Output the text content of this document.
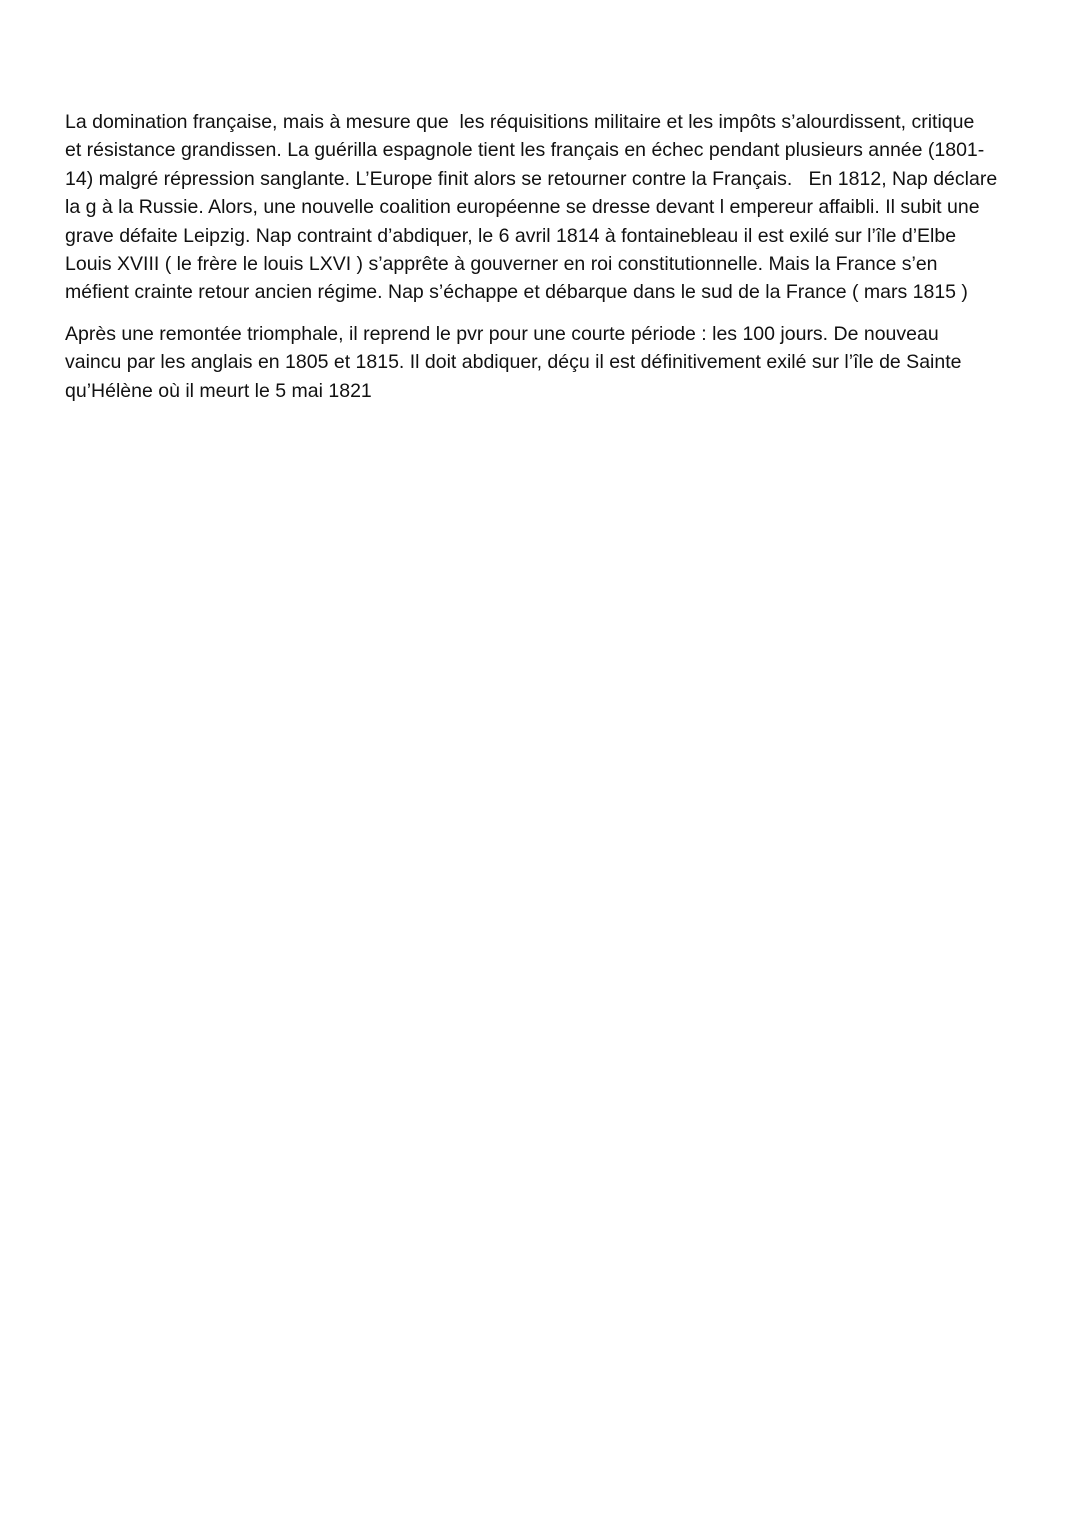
La domination française, mais à mesure que  les réquisitions militaire et les impôts s’alourdissent, critique
et résistance grandissen. La guérilla espagnole tient les français en échec pendant plusieurs année (1801-
14) malgré répression sanglante. L’Europe finit alors se retourner contre la Français.   En 1812, Nap déclare
la g à la Russie. Alors, une nouvelle coalition européenne se dresse devant l empereur affaibli. Il subit une
grave défaite Leipzig. Nap contraint d’abdiquer, le 6 avril 1814 à fontainebleau il est exilé sur l’île d’Elbe
Louis XVIII ( le frère le louis LXVI ) s’apprête à gouverner en roi constitutionnelle. Mais la France s’en
méfient crainte retour ancien régime. Nap s’échappe et débarque dans le sud de la France ( mars 1815 )

Après une remontée triomphale, il reprend le pvr pour une courte période : les 100 jours. De nouveau
vaincu par les anglais en 1805 et 1815. Il doit abdiquer, déçu il est définitivement exilé sur l’île de Sainte
qu’Hélène où il meurt le 5 mai 1821
